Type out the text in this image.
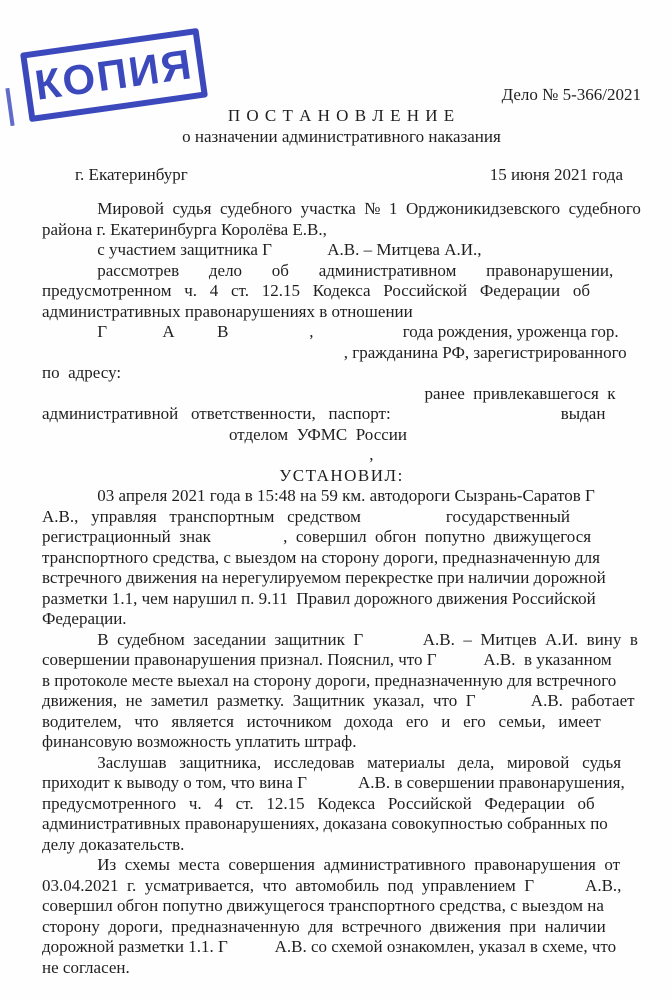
КОПИЯ	Дело № 5-366/2021
П О С Т А Н О В Л Е Н И Е
о назначении административного наказания
г. Екатеринбург	15 июня 2021 года
Мировой  судья  судебного  участка  №  1  Орджоникидзевского  судебного
района г. Екатеринбурга Королёва Е.В.,
с участием защитника Г             А.В. – Митцева А.И.,
рассмотрев       дело       об       административном       правонарушении,
предусмотренном   ч.   4   ст.   12.15   Кодекса   Российской   Федерации   об
административных правонарушениях в отношении
Г             А          В                   ,                     года рождения, уроженца гор.
, гражданина РФ, зарегистрированного
по  адресу:
ранее  привлекавшегося  к
административной   ответственности,   паспорт:                                        выдан
отделом  УФМС  России
,
УСТАНОВИЛ:
03 апреля 2021 года в 15:48 на 59 км. автодороги Сызрань-Саратов Г
А.В.,   управляя   транспортным   средством                    государственный
регистрационный  знак                 ,  совершил  обгон  попутно  движущегося
транспортного средства, с выездом на сторону дороги, предназначенную для
встречного движения на нерегулируемом перекрестке при наличии дорожной
разметки 1.1, чем нарушил п. 9.11  Правил дорожного движения Российской
Федерации.
В  судебном  заседании  защитник  Г              А.В.  –  Митцев  А.И.  вину  в
совершении правонарушения признал. Пояснил, что Г           А.В.  в указанном
в протоколе месте выехал на сторону дороги, предназначенную для встречного
движения,  не  заметил  разметку.  Защитник  указал,  что  Г             А.В.  работает
водителем,   что   является   источником   дохода   его   и   его   семьи,   имеет
финансовую возможность уплатить штраф.
Заслушав   защитника,   исследовав   материалы   дела,   мировой   судья
приходит к выводу о том, что вина Г            А.В. в совершении правонарушения,
предусмотренного   ч.   4   ст.   12.15   Кодекса   Российской   Федерации   об
административных правонарушениях, доказана совокупностью собранных по
делу доказательств.
Из  схемы  места  совершения  административного  правонарушения  от
03.04.2021  г.  усматривается,  что  автомобиль  под  управлением  Г            А.В.,
совершил обгон попутно движущегося транспортного средства, с выездом на
сторону  дороги,  предназначенную  для  встречного  движения  при  наличии
дорожной разметки 1.1. Г           А.В. со схемой ознакомлен, указал в схеме, что
не согласен.
